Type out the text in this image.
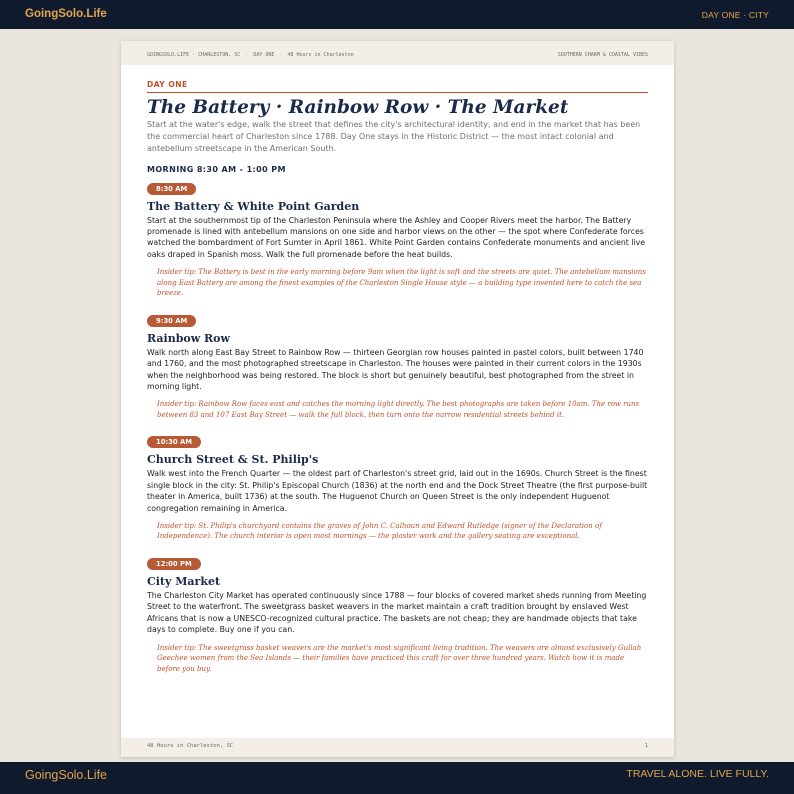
GoingSolo.Life	DAY ONE · CITY
GOINGSOLO.LIFE · CHARLESTON, SC · DAY ONE · 48 Hours in Charleston	SOUTHERN CHARM & COASTAL VIBES
DAY ONE
The Battery · Rainbow Row · The Market

Start at the water's edge, walk the street that defines the city's architectural identity, and end in the market that has been the commercial heart of Charleston since 1788. Day One stays in the Historic District — the most intact colonial and antebellum streetscape in the American South.

MORNING 8:30 AM - 1:00 PM
8:30 AM
The Battery & White Point Garden

Start at the southernmost tip of the Charleston Peninsula where the Ashley and Cooper Rivers meet the harbor. The Battery promenade is lined with antebellum mansions on one side and harbor views on the other — the spot where Confederate forces watched the bombardment of Fort Sumter in April 1861. White Point Garden contains Confederate monuments and ancient live oaks draped in Spanish moss. Walk the full promenade before the heat builds.

Insider tip: The Battery is best in the early morning before 9am when the light is soft and the streets are quiet. The antebellum mansions along East Battery are among the finest examples of the Charleston Single House style — a building type invented here to catch the sea breeze.

9:30 AM
Rainbow Row

Walk north along East Bay Street to Rainbow Row — thirteen Georgian row houses painted in pastel colors, built between 1740 and 1760, and the most photographed streetscape in Charleston. The houses were painted in their current colors in the 1930s when the neighborhood was being restored. The block is short but genuinely beautiful, best photographed from the street in morning light.

Insider tip: Rainbow Row faces east and catches the morning light directly. The best photographs are taken before 10am. The row runs between 83 and 107 East Bay Street — walk the full block, then turn onto the narrow residential streets behind it.

10:30 AM
Church Street & St. Philip's

Walk west into the French Quarter — the oldest part of Charleston's street grid, laid out in the 1690s. Church Street is the finest single block in the city: St. Philip's Episcopal Church (1836) at the north end and the Dock Street Theatre (the first purpose-built theater in America, built 1736) at the south. The Huguenot Church on Queen Street is the only independent Huguenot congregation remaining in America.

Insider tip: St. Philip's churchyard contains the graves of John C. Calhoun and Edward Rutledge (signer of the Declaration of Independence). The church interior is open most mornings — the plaster work and the gallery seating are exceptional.

12:00 PM
City Market

The Charleston City Market has operated continuously since 1788 — four blocks of covered market sheds running from Meeting Street to the waterfront. The sweetgrass basket weavers in the market maintain a craft tradition brought by enslaved West Africans that is now a UNESCO-recognized cultural practice. The baskets are not cheap; they are handmade objects that take days to complete. Buy one if you can.

Insider tip: The sweetgrass basket weavers are the market's most significant living tradition. The weavers are almost exclusively Gullah Geechee women from the Sea Islands — their families have practiced this craft for over three hundred years. Watch how it is made before you buy.

48 Hours in Charleston, SC	1
GoingSolo.Life	TRAVEL ALONE. LIVE FULLY.
